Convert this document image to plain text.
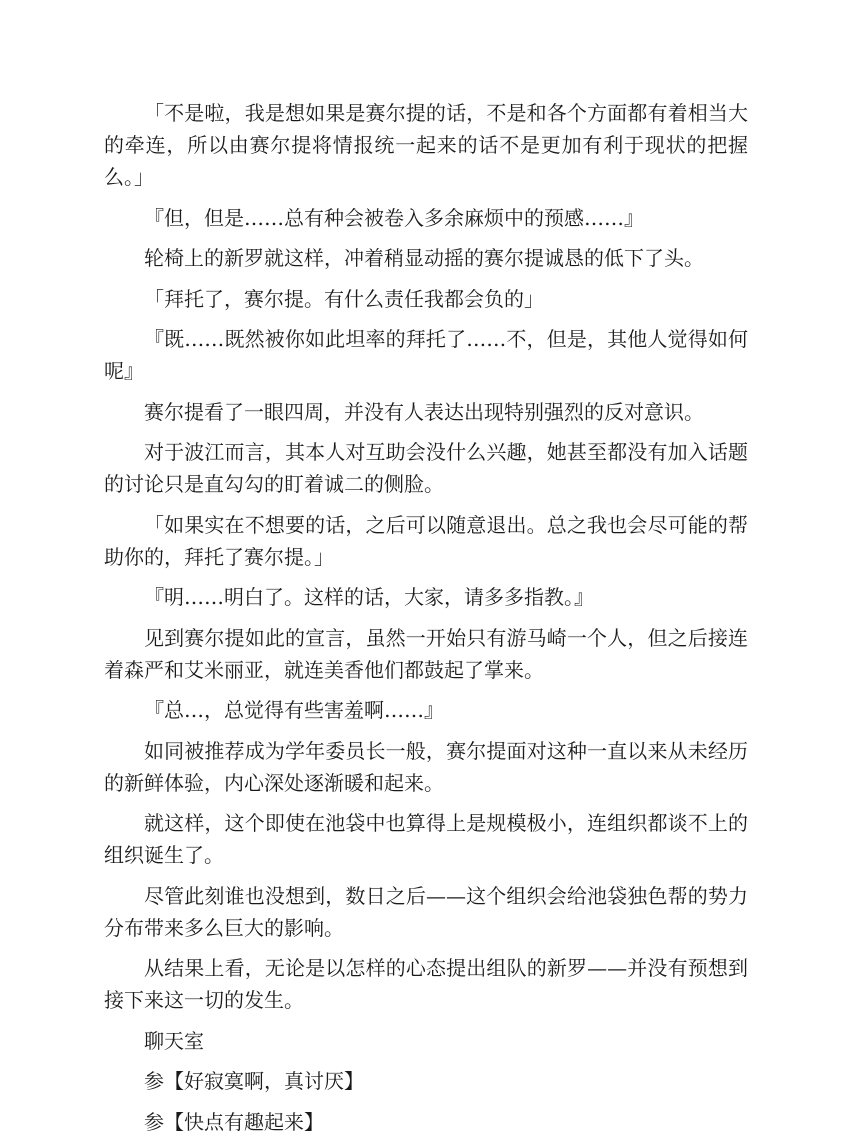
「不是啦，我是想如果是赛尔提的话，不是和各个方面都有着相当大的牵连，所以由赛尔提将情报统一起来的话不是更加有利于现状的把握么。」

『但，但是……总有种会被卷入多余麻烦中的预感……』

轮椅上的新罗就这样，冲着稍显动摇的赛尔提诚恳的低下了头。

「拜托了，赛尔提。有什么责任我都会负的」

『既……既然被你如此坦率的拜托了……不，但是，其他人觉得如何呢』

赛尔提看了一眼四周，并没有人表达出现特别强烈的反对意识。

对于波江而言，其本人对互助会没什么兴趣，她甚至都没有加入话题的讨论只是直勾勾的盯着诚二的侧脸。

「如果实在不想要的话，之后可以随意退出。总之我也会尽可能的帮助你的，拜托了赛尔提。」

『明……明白了。这样的话，大家，请多多指教。』

见到赛尔提如此的宣言，虽然一开始只有游马崎一个人，但之后接连着森严和艾米丽亚，就连美香他们都鼓起了掌来。

『总…，总觉得有些害羞啊……』

如同被推荐成为学年委员长一般，赛尔提面对这种一直以来从未经历的新鲜体验，内心深处逐渐暖和起来。

就这样，这个即使在池袋中也算得上是规模极小，连组织都谈不上的组织诞生了。

尽管此刻谁也没想到，数日之后——这个组织会给池袋独色帮的势力分布带来多么巨大的影响。

从结果上看，无论是以怎样的心态提出组队的新罗——并没有预想到接下来这一切的发生。

聊天室

参【好寂寞啊，真讨厌】

参【快点有趣起来】
